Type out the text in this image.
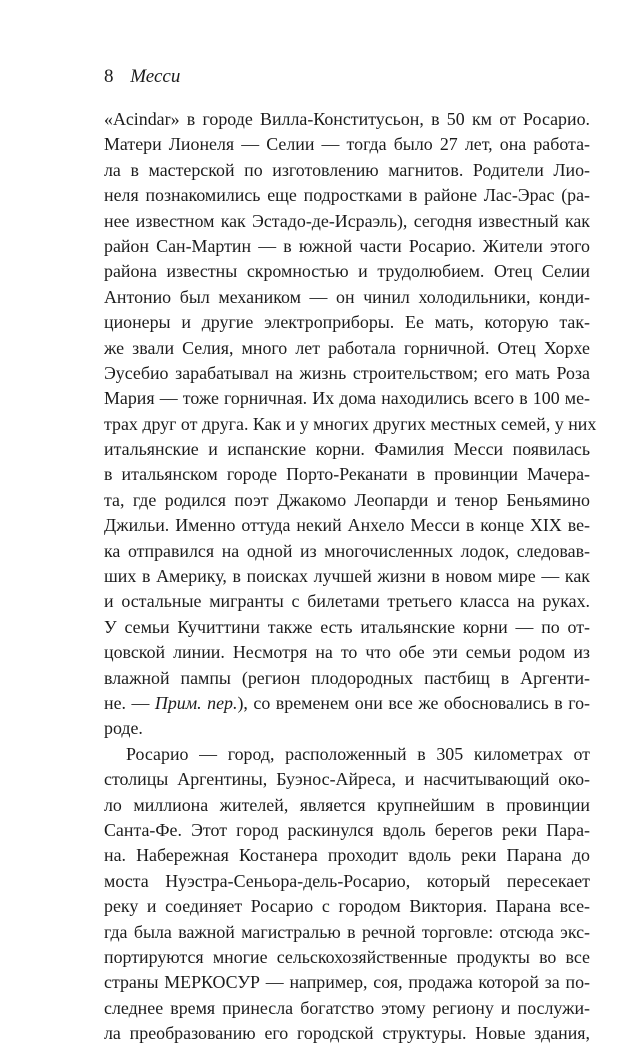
8 Месси
«Acindar» в городе Вилла-Конститусьон, в 50 км от Росарио.
Матери Лионеля — Селии — тогда было 27 лет, она работа-
ла в мастерской по изготовлению магнитов. Родители Лио-
неля познакомились еще подростками в районе Лас-Эрас (ра-
нее известном как Эстадо-де-Исраэль), сегодня известный как
район Сан-Мартин — в южной части Росарио. Жители этого
района известны скромностью и трудолюбием. Отец Селии
Антонио был механиком — он чинил холодильники, конди-
ционеры и другие электроприборы. Ее мать, которую так-
же звали Селия, много лет работала горничной. Отец Хорхе
Эусебио зарабатывал на жизнь строительством; его мать Роза
Мария — тоже горничная. Их дома находились всего в 100 ме-
трах друг от друга. Как и у многих других местных семей, у них
итальянские и испанские корни. Фамилия Месси появилась
в итальянском городе Порто-Реканати в провинции Мачера-
та, где родился поэт Джакомо Леопарди и тенор Беньямино
Джильи. Именно оттуда некий Анхело Месси в конце XIX ве-
ка отправился на одной из многочисленных лодок, следовав-
ших в Америку, в поисках лучшей жизни в новом мире — как
и остальные мигранты с билетами третьего класса на руках.
У семьи Кучиттини также есть итальянские корни — по от-
цовской линии. Несмотря на то что обе эти семьи родом из
влажной пампы (регион плодородных пастбищ в Аргенти-
не. — Прим. пер.), со временем они все же обосновались в го-
роде.
Росарио — город, расположенный в 305 километрах от
столицы Аргентины, Буэнос-Айреса, и насчитывающий око-
ло миллиона жителей, является крупнейшим в провинции
Санта-Фе. Этот город раскинулся вдоль берегов реки Пара-
на. Набережная Костанера проходит вдоль реки Парана до
моста Нуэстра-Сеньора-дель-Росарио, который пересекает
реку и соединяет Росарио с городом Виктория. Парана все-
гда была важной магистралью в речной торговле: отсюда экс-
портируются многие сельскохозяйственные продукты во все
страны МЕРКОСУР — например, соя, продажа которой за по-
следнее время принесла богатство этому региону и послужи-
ла преобразованию его городской структуры. Новые здания,
